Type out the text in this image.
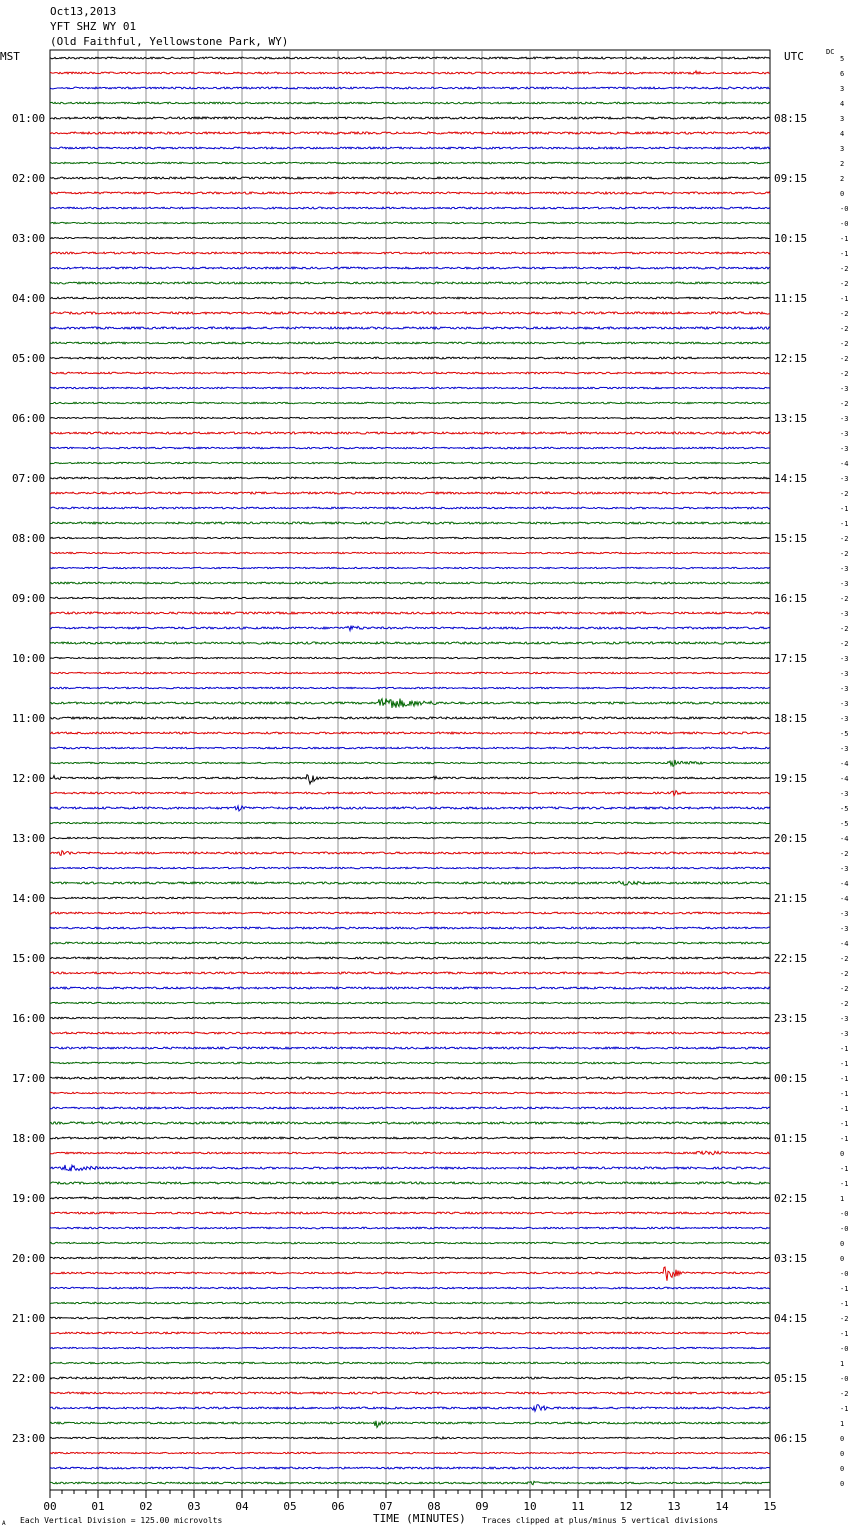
Oct13,2013
YFT SHZ WY 01
(Old Faithful, Yellowstone Park, WY)
MST	UTC	DC
5
6
3
4
3
4
3
2
2
0
-0
-0
-1
-1
-2
-2
-1
-2
-2
-2
-2
-2
-3
-2
-3
-3
-3
-4
-3
-2
-1
-1
-2
-2
-3
-3
-2
-3
-2
-2
-3
-3
-3
-3
-3
-5
-3
-4
-4
-3
-5
-5
-4
-2
-3
-4
-4
-3
-3
-4
-2
-2
-2
-2
-3
-3
-1
-1
-1
-1
-1
-1
-1
0
-1
-1
1
-0
-0
0
0
-0
-1
-1
-2
-1
-0
1
-0
-2
-1
1
0
0
0
0
01:00
02:00
03:00
04:00
05:00
06:00
07:00
08:00
09:00
10:00
11:00
12:00
13:00
14:00
15:00
16:00
17:00
18:00
19:00
20:00
21:00
22:00
23:00
08:15
09:15
10:15
11:15
12:15
13:15
14:15
15:15
16:15
17:15
18:15
19:15
20:15
21:15
22:15
23:15
00:15
01:15
02:15
03:15
04:15
05:15
06:15
00	01	02	03	04	05	06	07	08	09	10	11	12	13	14	15
A Each Vertical Division = 125.00 microvolts	TIME (MINUTES) Traces clipped at plus/minus 5 vertical divisions
